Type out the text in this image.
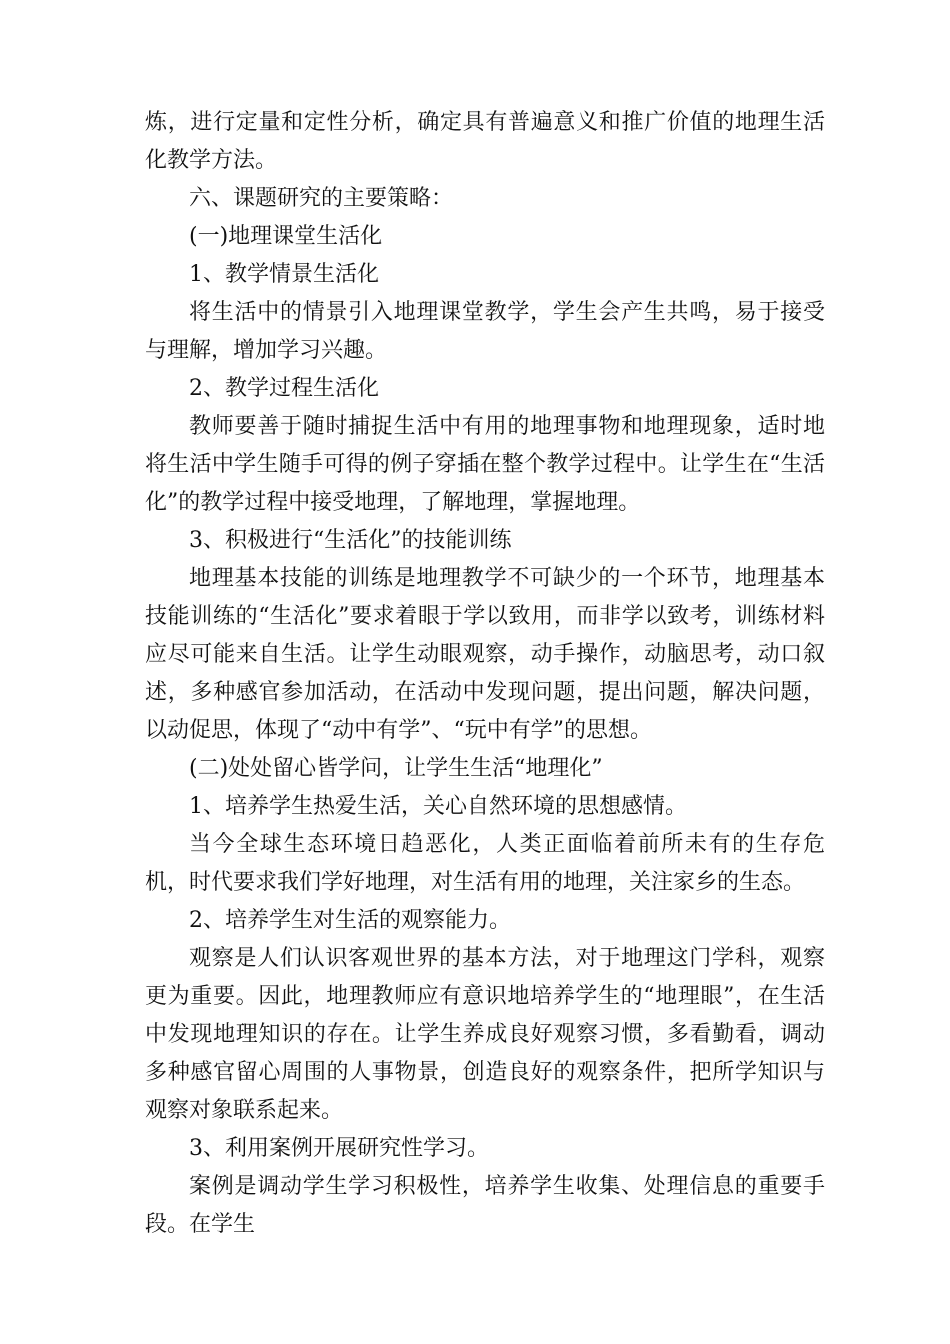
炼，进行定量和定性分析，确定具有普遍意义和推广价值的地理生活化教学方法。

六、课题研究的主要策略：

(一)地理课堂生活化

1、教学情景生活化

将生活中的情景引入地理课堂教学，学生会产生共鸣，易于接受与理解，增加学习兴趣。

2、教学过程生活化

教师要善于随时捕捉生活中有用的地理事物和地理现象，适时地将生活中学生随手可得的例子穿插在整个教学过程中。让学生在“生活化”的教学过程中接受地理，了解地理，掌握地理。

3、积极进行“生活化”的技能训练

地理基本技能的训练是地理教学不可缺少的一个环节，地理基本技能训练的“生活化”要求着眼于学以致用，而非学以致考，训练材料应尽可能来自生活。让学生动眼观察，动手操作，动脑思考，动口叙述，多种感官参加活动，在活动中发现问题，提出问题，解决问题，以动促思，体现了“动中有学”、“玩中有学”的思想。

(二)处处留心皆学问，让学生生活“地理化”

1、培养学生热爱生活，关心自然环境的思想感情。

当今全球生态环境日趋恶化，人类正面临着前所未有的生存危机，时代要求我们学好地理，对生活有用的地理，关注家乡的生态。

2、培养学生对生活的观察能力。

观察是人们认识客观世界的基本方法，对于地理这门学科，观察更为重要。因此，地理教师应有意识地培养学生的“地理眼”，在生活中发现地理知识的存在。让学生养成良好观察习惯，多看勤看，调动多种感官留心周围的人事物景，创造良好的观察条件，把所学知识与观察对象联系起来。

3、利用案例开展研究性学习。

案例是调动学生学习积极性，培养学生收集、处理信息的重要手段。在学生
